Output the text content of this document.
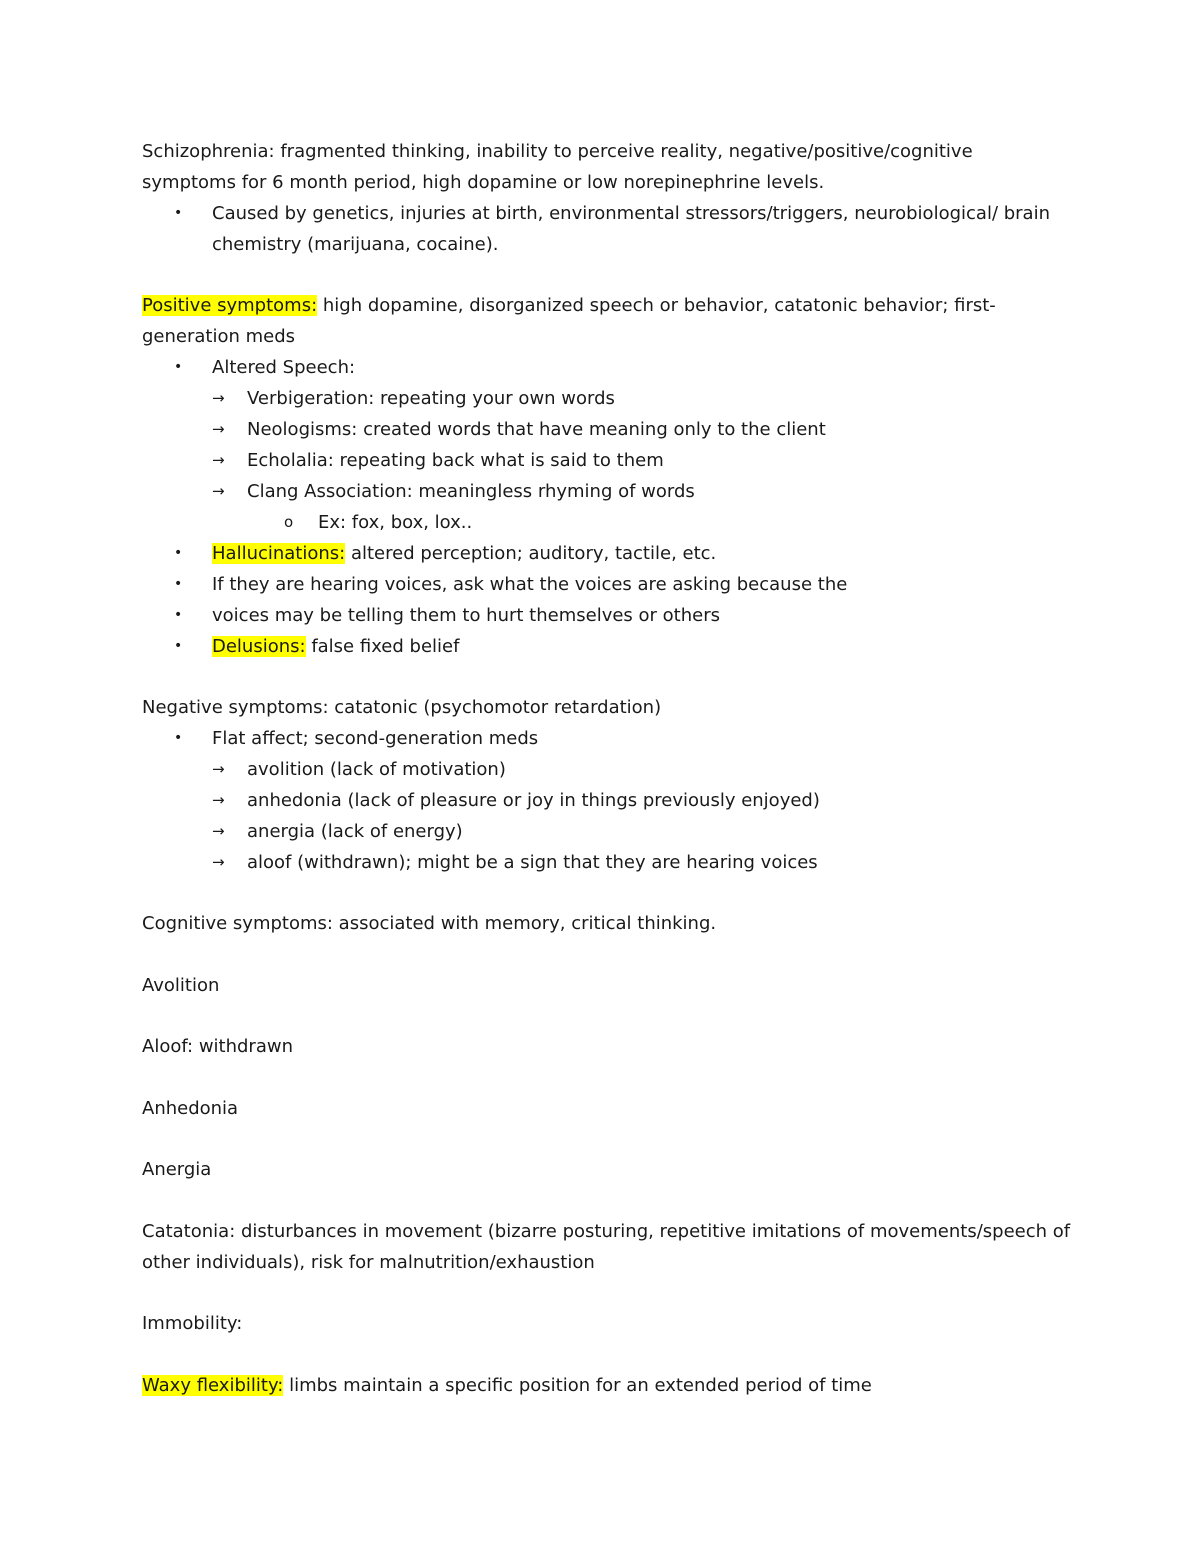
Schizophrenia: fragmented thinking, inability to perceive reality, negative/positive/cognitive symptoms for 6 month period, high dopamine or low norepinephrine levels.
• Caused by genetics, injuries at birth, environmental stressors/triggers, neurobiological/ brain chemistry (marijuana, cocaine).
Positive symptoms: high dopamine, disorganized speech or behavior, catatonic behavior; first-
generation meds
•	Altered Speech:
→ Verbigeration: repeating your own words
→ Neologisms: created words that have meaning only to the client
→ Echolalia: repeating back what is said to them
→ Clang Association: meaningless rhyming of words
o Ex: fox, box, lox..
•	Hallucinations: altered perception; auditory, tactile, etc.
•	If they are hearing voices, ask what the voices are asking because the
•	voices may be telling them to hurt themselves or others
•	Delusions: false fixed belief
Negative symptoms: catatonic (psychomotor retardation)
•	Flat affect; second-generation meds
→ avolition (lack of motivation)
→ anhedonia (lack of pleasure or joy in things previously enjoyed)
→ anergia (lack of energy)
→ aloof (withdrawn); might be a sign that they are hearing voices
Cognitive symptoms: associated with memory, critical thinking.
Avolition
Aloof: withdrawn
Anhedonia
Anergia
Catatonia: disturbances in movement (bizarre posturing, repetitive imitations of movements/speech of
other individuals), risk for malnutrition/exhaustion
Immobility:
Waxy flexibility: limbs maintain a specific position for an extended period of time
